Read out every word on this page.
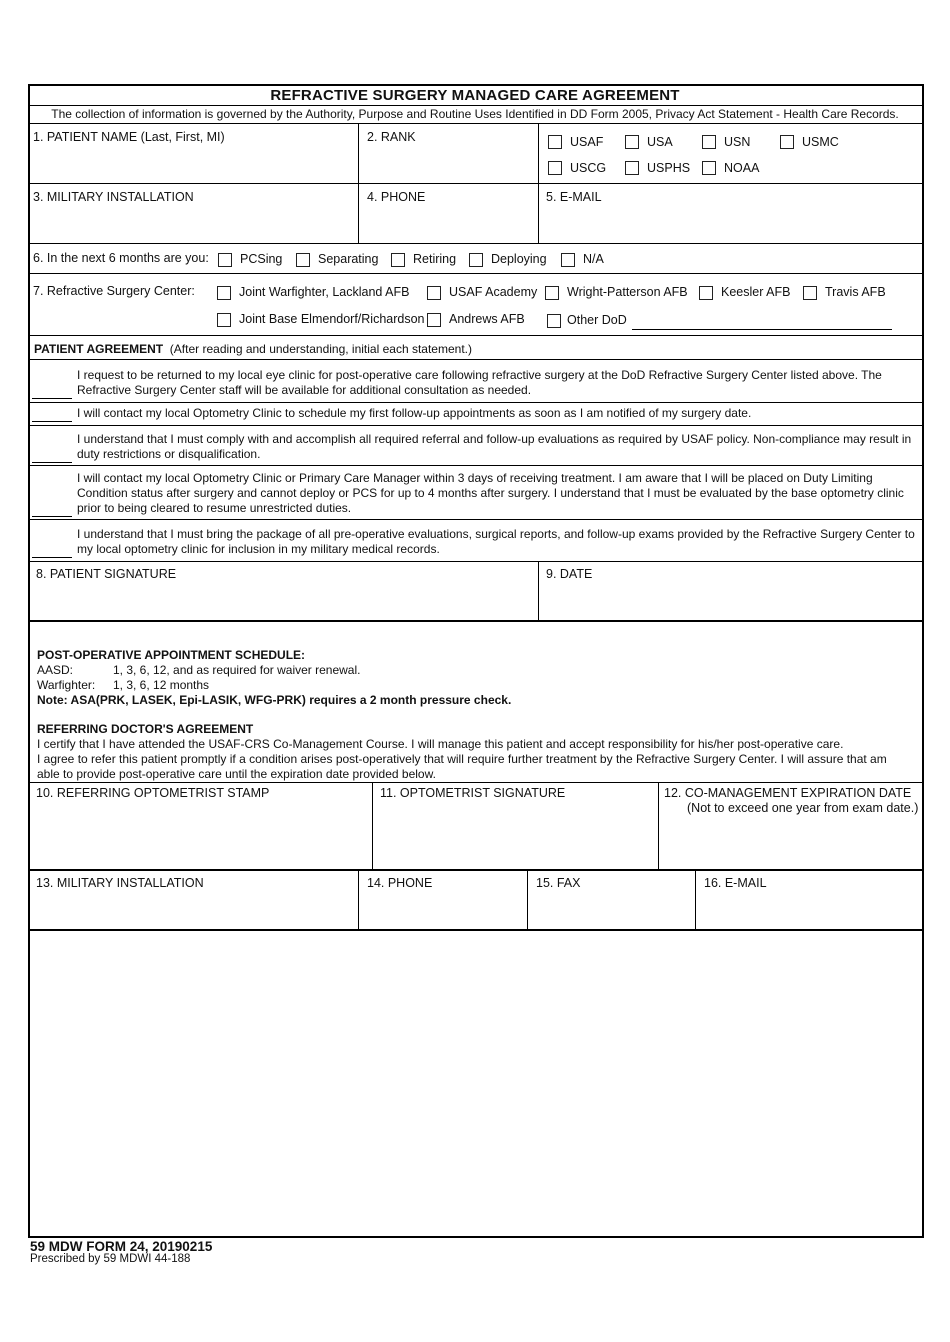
REFRACTIVE SURGERY MANAGED CARE AGREEMENT
The collection of information is governed by the Authority, Purpose and Routine Uses Identified in DD Form 2005, Privacy Act Statement - Health Care Records.
1. PATIENT NAME (Last, First, MI)	2. RANK	USAF	USA	USN	USMC
USCG	USPHS	NOAA
3. MILITARY INSTALLATION	4. PHONE	5. E-MAIL
6. In the next 6 months are you: PCSing	Separating	Retiring	Deploying	N/A
7. Refractive Surgery Center:	Joint Warfighter, Lackland AFB	USAF Academy Wright-Patterson AFB	Keesler AFB	Travis AFB
Joint Base Elmendorf/Richardson Andrews AFB	Other DoD
PATIENT AGREEMENT (After reading and understanding, initial each statement.)
I request to be returned to my local eye clinic for post-operative care following refractive surgery at the DoD Refractive Surgery Center listed above. The Refractive Surgery Center staff will be available for additional consultation as needed.
I will contact my local Optometry Clinic to schedule my first follow-up appointments as soon as I am notified of my surgery date.
I understand that I must comply with and accomplish all required referral and follow-up evaluations as required by USAF policy. Non-compliance may result in duty restrictions or disqualification.
I will contact my local Optometry Clinic or Primary Care Manager within 3 days of receiving treatment. I am aware that I will be placed on Duty Limiting Condition status after surgery and cannot deploy or PCS for up to 4 months after surgery. I understand that I must be evaluated by the base optometry clinic prior to being cleared to resume unrestricted duties.
I understand that I must bring the package of all pre-operative evaluations, surgical reports, and follow-up exams provided by the Refractive Surgery Center to my local optometry clinic for inclusion in my military medical records.
8. PATIENT SIGNATURE	9. DATE
POST-OPERATIVE APPOINTMENT SCHEDULE:
AASD:	1, 3, 6, 12, and as required for waiver renewal.
Warfighter: 1, 3, 6, 12 months
Note: ASA(PRK, LASEK, Epi-LASIK, WFG-PRK) requires a 2 month pressure check.
REFERRING DOCTOR'S AGREEMENT
I certify that I have attended the USAF-CRS Co-Management Course. I will manage this patient and accept responsibility for his/her post-operative care.
I agree to refer this patient promptly if a condition arises post-operatively that will require further treatment by the Refractive Surgery Center. I will assure that am able to provide post-operative care until the expiration date provided below.
10. REFERRING OPTOMETRIST STAMP	11. OPTOMETRIST SIGNATURE	12. CO-MANAGEMENT EXPIRATION DATE
(Not to exceed one year from exam date.)
13. MILITARY INSTALLATION	14. PHONE	15. FAX	16. E-MAIL
59 MDW FORM 24, 20190215
Prescribed by 59 MDWI 44-188
